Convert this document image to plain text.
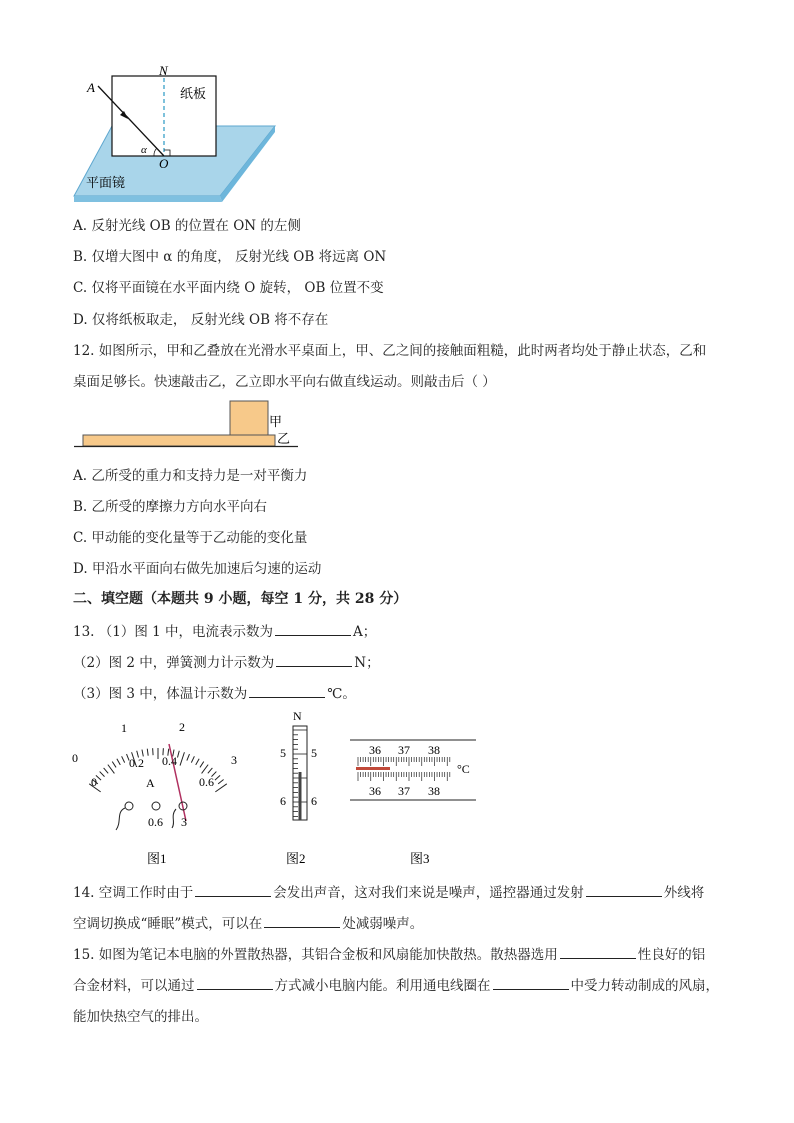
A
N
O
α
纸板
平面镜
A. 反射光线 OB 的位置在 ON 的左侧
B. 仅增大图中 α 的角度， 反射光线 OB 将远离 ON
C. 仅将平面镜在水平面内绕 O 旋转， OB 位置不变
D. 仅将纸板取走， 反射光线 OB 将不存在
12. 如图所示，甲和乙叠放在光滑水平桌面上，甲、乙之间的接触面粗糙，此时两者均处于静止状态，乙和
桌面足够长。快速敲击乙，乙立即水平向右做直线运动。则敲击后（ ）
甲
乙
A. 乙所受的重力和支持力是一对平衡力
B. 乙所受的摩擦力方向水平向右
C. 甲动能的变化量等于乙动能的变化量
D. 甲沿水平面向右做先加速后匀速的运动
二、填空题（本题共 9 小题，每空 1 分，共 28 分）
13. （1）图 1 中，电流表示数为	A；
（2）图 2 中，弹簧测力计示数为	N；
（3）图 3 中，体温计示数为	℃。
0
1	2
3
0
0.2 0.4
0.6
A
0.6 3
图1
N
5 5
6 6
图2
36 37 38
36 37 38
°C
图3
14. 空调工作时由于	会发出声音，这对我们来说是噪声，遥控器通过发射	外线将
空调切换成“睡眠”模式，可以在	处减弱噪声。
15. 如图为笔记本电脑的外置散热器，其铝合金板和风扇能加快散热。散热器选用	性良好的铝
合金材料，可以通过	方式减小电脑内能。利用通电线圈在	中受力转动制成的风扇，
能加快热空气的排出。
